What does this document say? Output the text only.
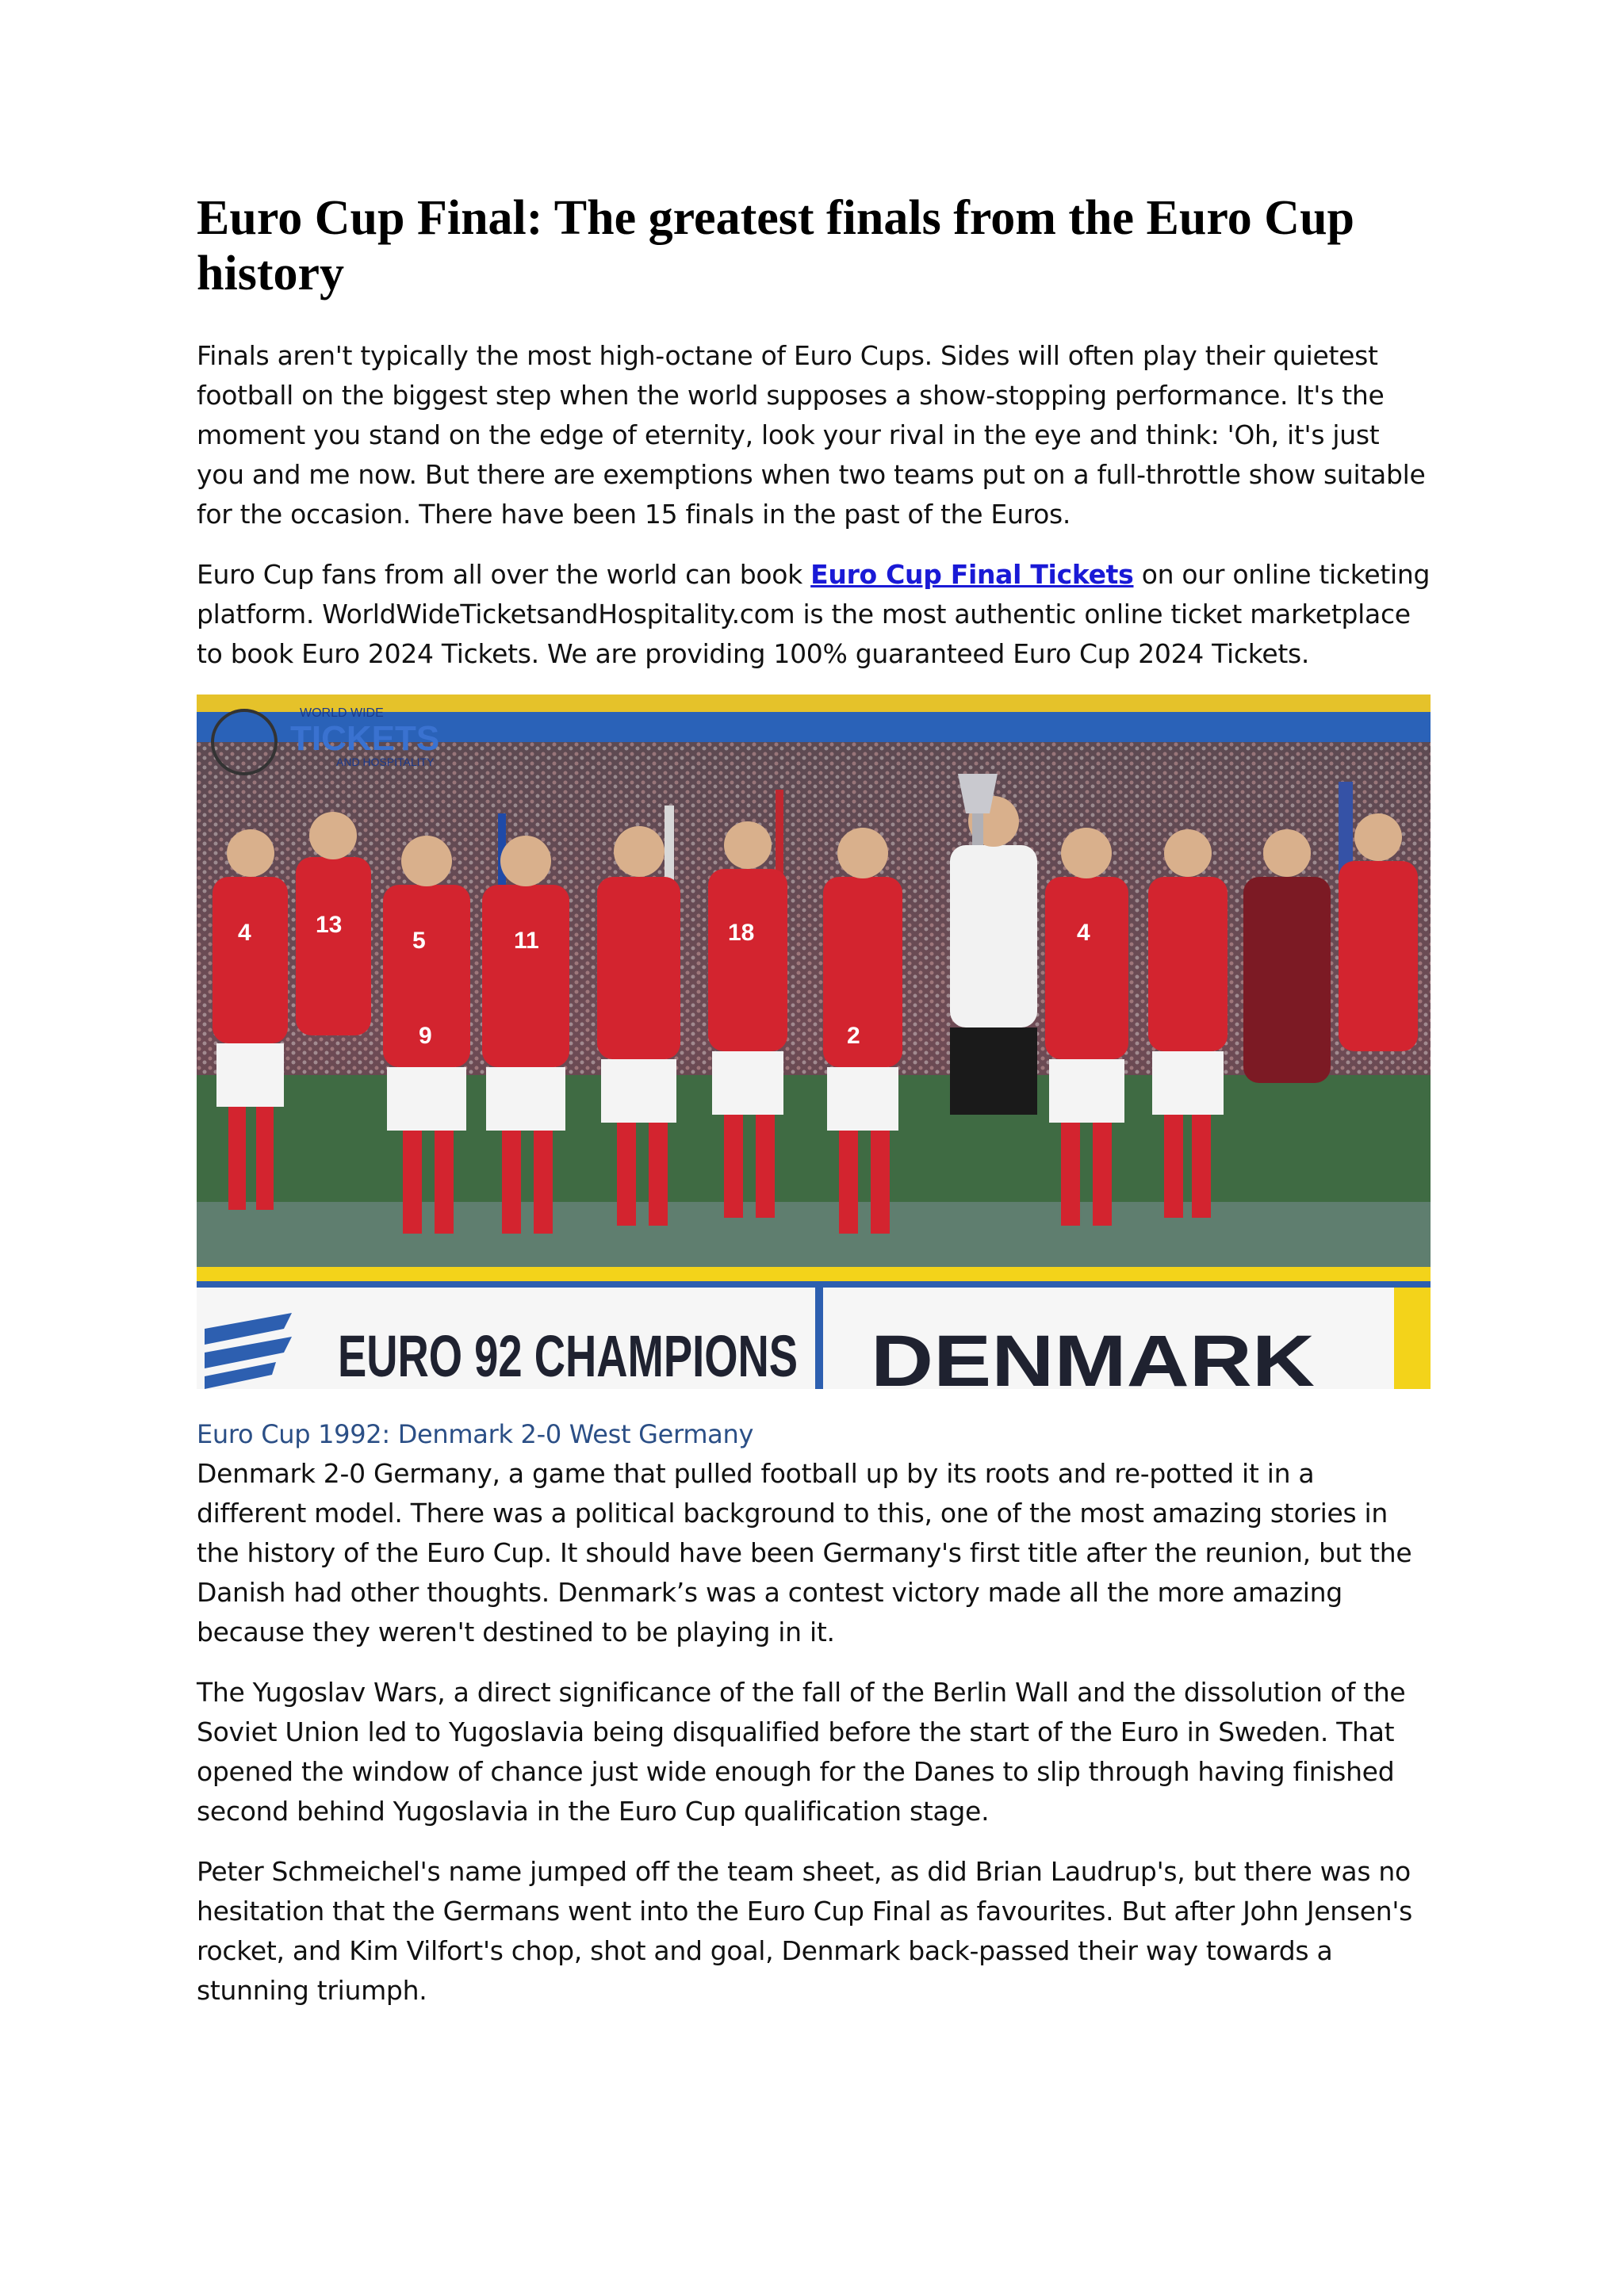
Euro Cup Final: The greatest finals from the Euro Cup history

Finals aren't typically the most high-octane of Euro Cups. Sides will often play their quietest football on the biggest step when the world supposes a show-stopping performance. It's the moment you stand on the edge of eternity, look your rival in the eye and think: 'Oh, it's just you and me now. But there are exemptions when two teams put on a full-throttle show suitable for the occasion. There have been 15 finals in the past of the Euros.

Euro Cup fans from all over the world can book Euro Cup Final Tickets on our online ticketing platform. WorldWideTicketsandHospitality.com is the most authentic online ticket marketplace to book Euro 2024 Tickets. We are providing 100% guaranteed Euro Cup 2024 Tickets.

WORLD WIDE
TICKETS
AND HOSPITALITY
4	13
5
9
11	18
2
4
EURO 92 CHAMPIONS DENMARK
Euro Cup 1992: Denmark 2-0 West Germany

Denmark 2-0 Germany, a game that pulled football up by its roots and re-potted it in a different model. There was a political background to this, one of the most amazing stories in the history of the Euro Cup. It should have been Germany's first title after the reunion, but the Danish had other thoughts. Denmark’s was a contest victory made all the more amazing because they weren't destined to be playing in it.

The Yugoslav Wars, a direct significance of the fall of the Berlin Wall and the dissolution of the Soviet Union led to Yugoslavia being disqualified before the start of the Euro in Sweden. That opened the window of chance just wide enough for the Danes to slip through having finished second behind Yugoslavia in the Euro Cup qualification stage.

Peter Schmeichel's name jumped off the team sheet, as did Brian Laudrup's, but there was no hesitation that the Germans went into the Euro Cup Final as favourites. But after John Jensen's rocket, and Kim Vilfort's chop, shot and goal, Denmark back-passed their way towards a stunning triumph.
